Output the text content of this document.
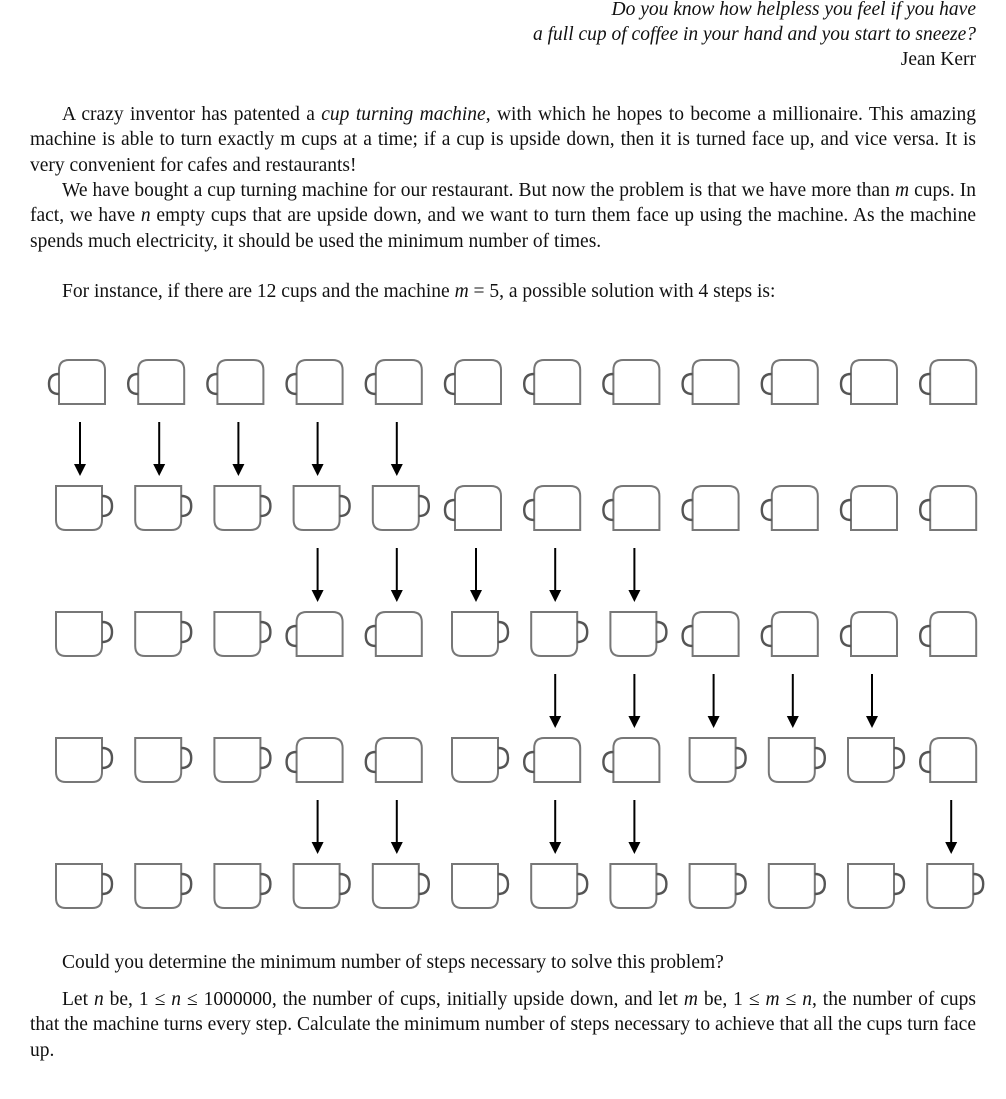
Do you know how helpless you feel if you have
a full cup of coffee in your hand and you start to sneeze?
Jean Kerr
A crazy inventor has patented a cup turning machine, with which he hopes to become a millionaire. This amazing machine is able to turn exactly m cups at a time; if a cup is upside down, then it is turned face up, and vice versa. It is very convenient for cafes and restaurants!
We have bought a cup turning machine for our restaurant. But now the problem is that we have more than m cups. In fact, we have n empty cups that are upside down, and we want to turn them face up using the machine. As the machine spends much electricity, it should be used the minimum number of times.
For instance, if there are 12 cups and the machine m = 5, a possible solution with 4 steps is:
Could you determine the minimum number of steps necessary to solve this problem?
Let n be, 1 ≤ n ≤ 1000000, the number of cups, initially upside down, and let m be, 1 ≤ m ≤ n, the number of cups that the machine turns every step. Calculate the minimum number of steps necessary to achieve that all the cups turn face up.
